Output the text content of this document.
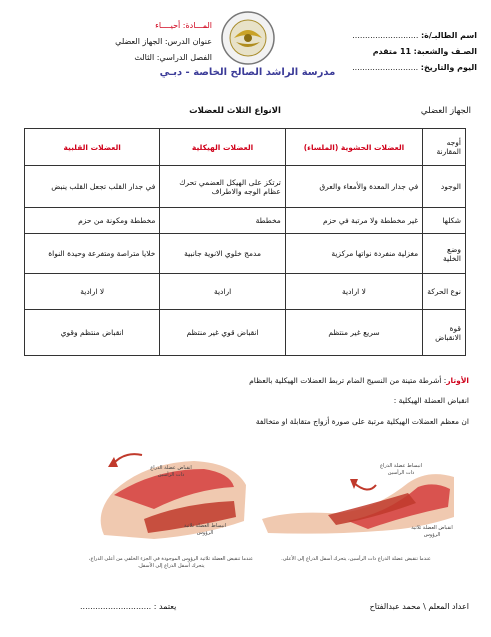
اسم الطالبـ/ة: ..........................
الصـف والشعبة: 11 متقدم
اليوم والتاريخ: ..........................
المـــادة: أحيــــاء
عنوان الدرس: الجهاز العضلي
الفصل الدراسي: الثالث
مدرسة الراشد الصالح الخاصة - دبـي
الجهاز العضلي
الانواع الثلاث للعضلات
أوجه المقارنة	العضلات الحشوية (الملساء)	العضلات الهيكلية	العضلات القلبية
الوجود	في جدار المعدة والأمعاء والعرق	ترتكز على الهيكل العضمي تحرك عظام الوجه والاطراف	في جدار القلب تجعل القلب ينبض
شكلها	غير مخططة ولا مرتبة في حزم	مخططة	مخططة ومكونة من حزم
وضع الخلية	مغزلية منفردة نواتها مركزية	مدمج خلوي الانوية جانبية	خلايا متراصة ومتفرعة وحيدة النواة
نوع الحركة	لا ارادية	ارادية	لا ارادية
قوة الانقباض	سريع غير منتظم	انقباض قوي غير منتظم	انقباض منتظم وقوي
الأوتار: أشرطة متينة من النسيج الضام تربط العضلات الهيكلية بالعظام
انقباض العضلة الهيكلية :
ان معظم العضلات الهيكلية مرتبة على صورة أزواج متقابلة او متخالفة
انقباض عضلة الذراع ذات الرأسين
انبساط العضلة ثلاثية الرؤوس
عندما تنقبض العضلة ثلاثية الرؤوس الموجودة في الجزء الخلفي من أعلى الذراع، يتحرك أسفل الذراع إلى الأسفل.
انبساط عضلة الذراع ذات الرأسين
انقباض العضلة ثلاثية الرؤوس
عندما تنقبض عضلة الذراع ذات الرأسين، يتحرك أسفل الذراع إلى الأعلى.
اعداد المعلم \ محمد عبدالفتاح
يعتمد : ............................
